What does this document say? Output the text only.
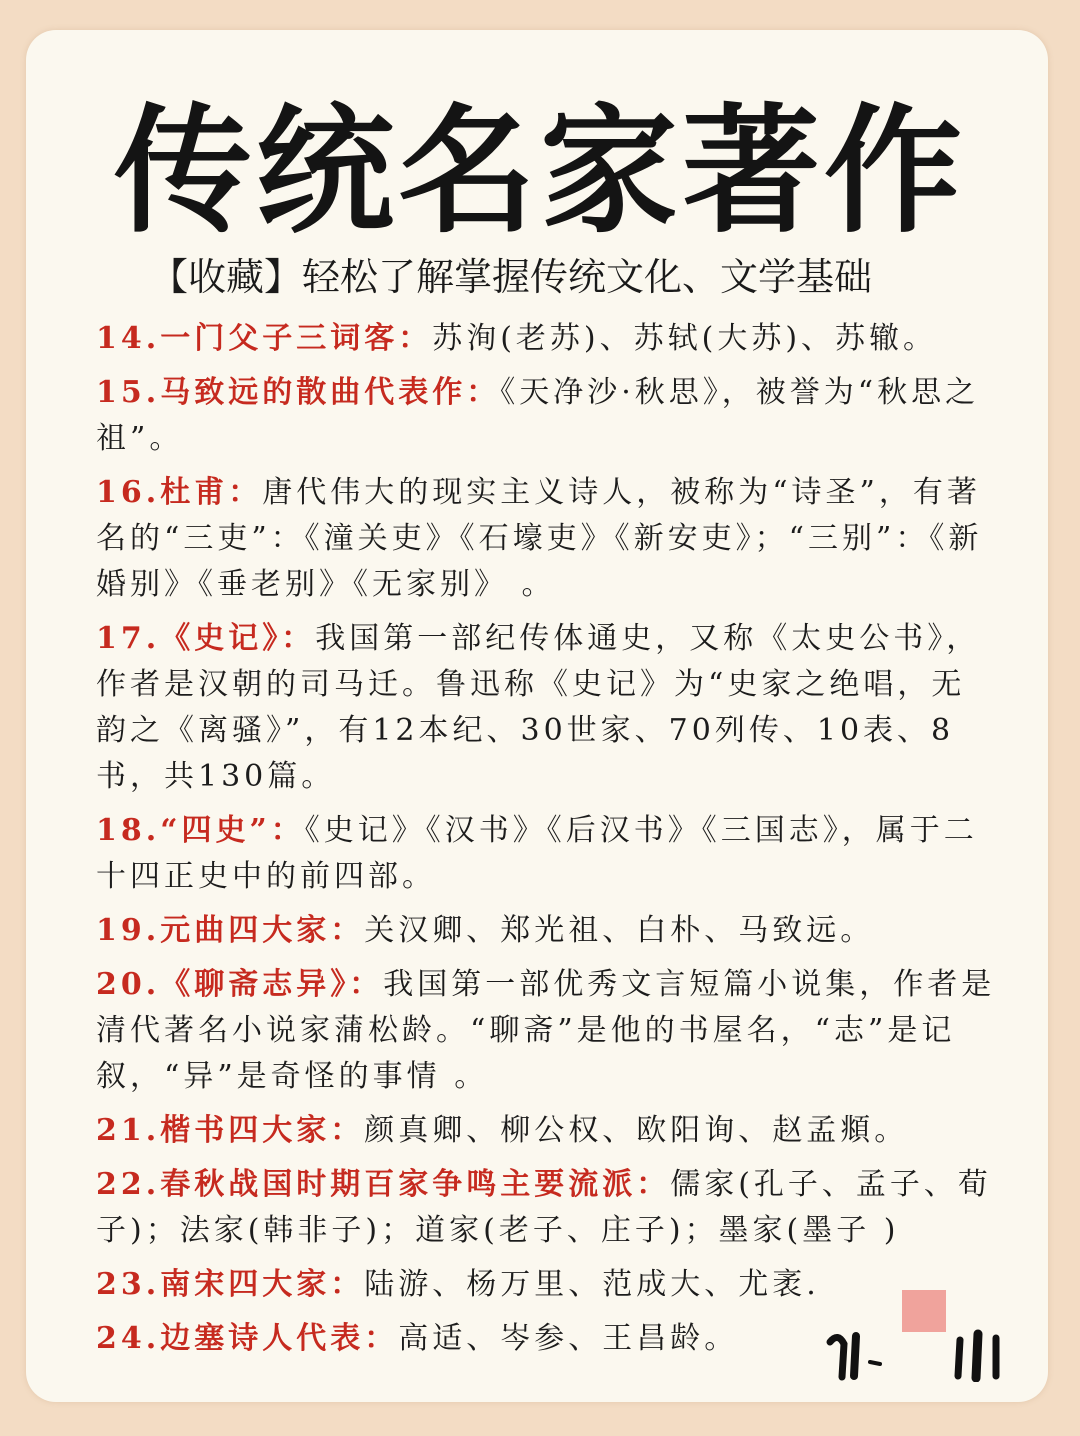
传统名家著作
【收藏】轻松了解掌握传统文化、文学基础
14.一门父子三词客：苏洵(老苏)、苏轼(大苏)、苏辙。
15.马致远的散曲代表作：《天净沙·秋思》，被誉为“秋思之祖”。
16.杜甫：唐代伟大的现实主义诗人，被称为“诗圣”，有著名的“三吏”：《潼关吏》《石壕吏》《新安吏》；“三别”：《新婚别》《垂老别》《无家别》 。
17.《史记》：我国第一部纪传体通史，又称《太史公书》，作者是汉朝的司马迁。鲁迅称《史记》为“史家之绝唱，无韵之《离骚》”，有12本纪、30世家、70列传、10表、8书，共130篇。
18.“四史”：《史记》《汉书》《后汉书》《三国志》，属于二十四正史中的前四部。
19.元曲四大家：关汉卿、郑光祖、白朴、马致远。
20.《聊斋志异》：我国第一部优秀文言短篇小说集，作者是清代著名小说家蒲松龄。“聊斋”是他的书屋名，“志”是记叙，“异”是奇怪的事情 。
21.楷书四大家：颜真卿、柳公权、欧阳询、赵孟頫。
22.春秋战国时期百家争鸣主要流派：儒家(孔子、孟子、荀子)；法家(韩非子)；道家(老子、庄子)；墨家(墨子 )
23.南宋四大家：陆游、杨万里、范成大、尤袤.
24.边塞诗人代表：高适、岑参、王昌龄。
